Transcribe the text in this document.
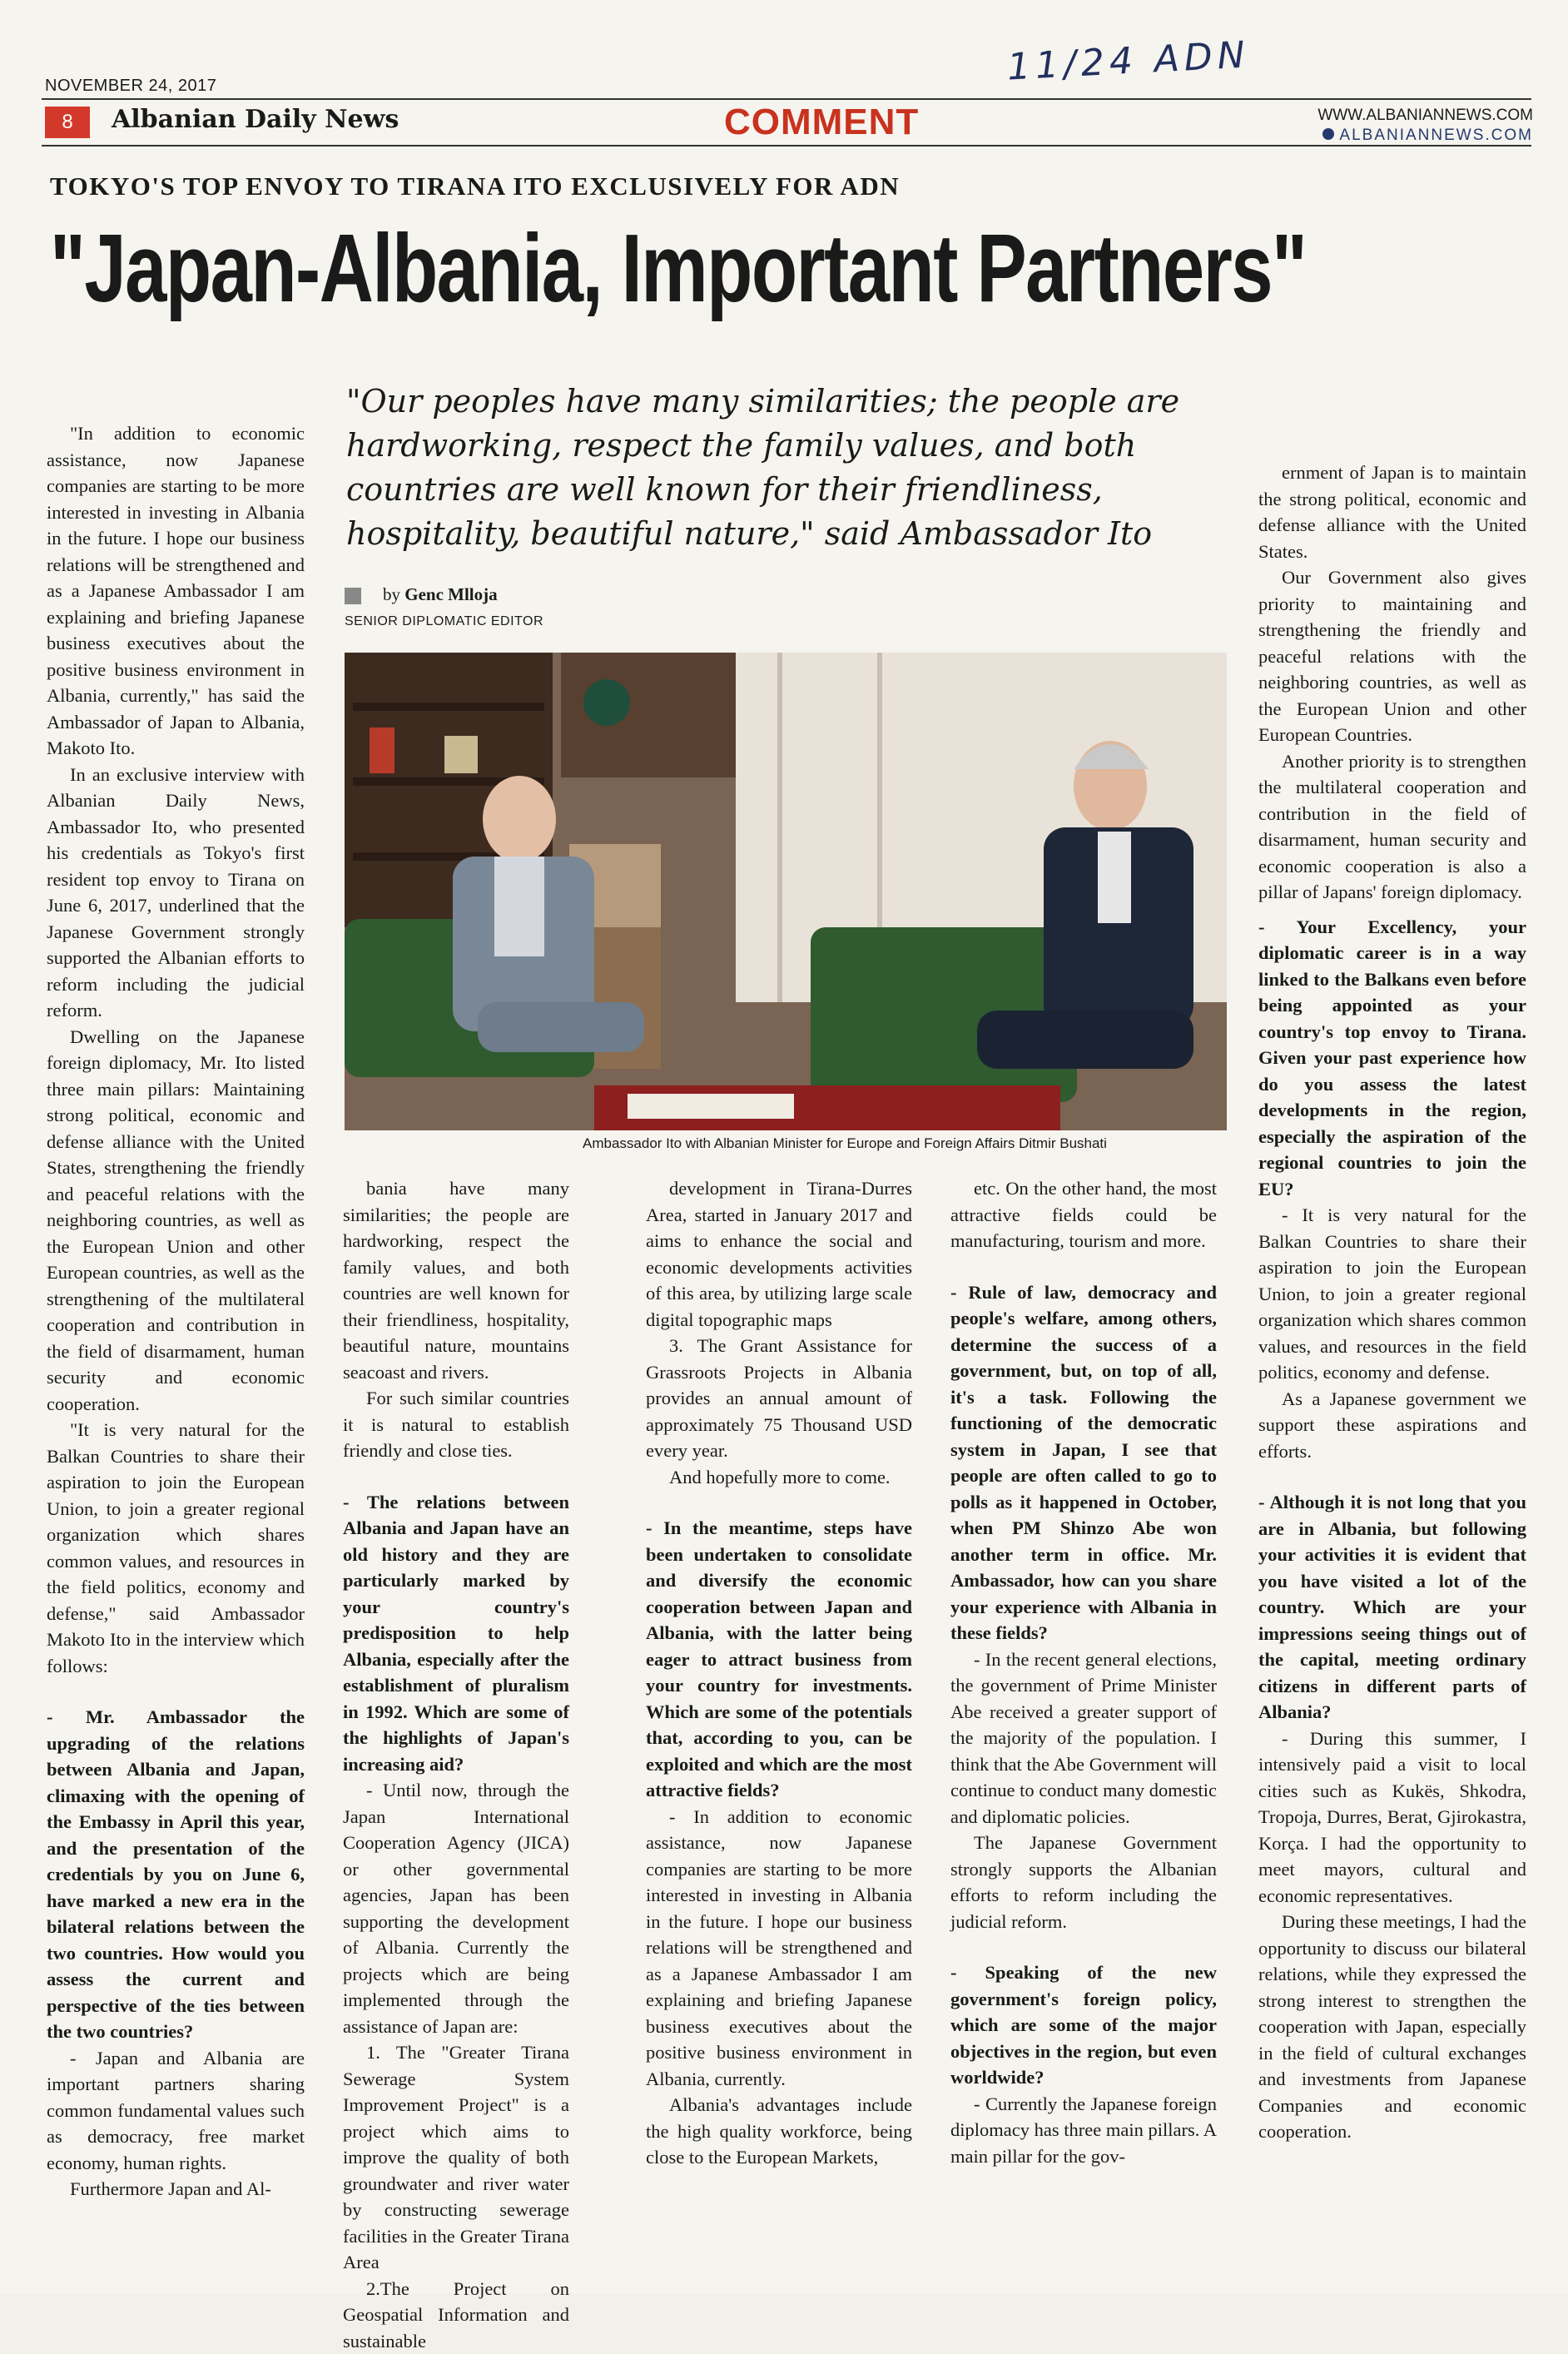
NOVEMBER 24, 2017	11/24 ADN
8	Albanian Daily News	COMMENT	WWW.ALBANIANNEWS.COM
ALBANIANNEWS.COM
TOKYO'S TOP ENVOY TO TIRANA ITO EXCLUSIVELY FOR ADN
"Japan-Albania, Important Partners"
"Our peoples have many similarities; the people are hardworking, respect the family values, and both countries are well known for their friendliness, hospitality, beautiful nature," said Ambassador Ito
by Genc Mlloja
SENIOR DIPLOMATIC EDITOR
Ambassador Ito with Albanian Minister for Europe and Foreign Affairs Ditmir Bushati

"In addition to economic assistance, now Japanese companies are starting to be more interested in investing in Albania in the future. I hope our business relations will be strengthened and as a Japanese Ambassador I am explaining and briefing Japanese business executives about the positive business environment in Albania, currently," has said the Ambassador of Japan to Albania, Makoto Ito.

In an exclusive interview with Albanian Daily News, Ambassador Ito, who presented his credentials as Tokyo's first resident top envoy to Tirana on June 6, 2017, underlined that the Japanese Government strongly supported the Albanian efforts to reform including the judicial reform.

Dwelling on the Japanese foreign diplomacy, Mr. Ito listed three main pillars: Maintaining strong political, economic and defense alliance with the United States, strengthening the friendly and peaceful relations with the neighboring countries, as well as the European Union and other European countries, as well as the strengthening of the multilateral cooperation and contribution in the field of disarmament, human security and economic cooperation.

"It is very natural for the Balkan Countries to share their aspiration to join the European Union, to join a greater regional organization which shares common values, and resources in the field politics, economy and defense," said Ambassador Makoto Ito in the interview which follows:

- Mr. Ambassador the upgrading of the relations between Albania and Japan, climaxing with the opening of the Embassy in April this year, and the presentation of the credentials by you on June 6, have marked a new era in the bilateral relations between the two countries. How would you assess the current and perspective of the ties between the two countries?

- Japan and Albania are important partners sharing common fundamental values such as democracy, free market economy, human rights.

Furthermore Japan and Al-

bania have many similarities; the people are hardworking, respect the family values, and both countries are well known for their friendliness, hospitality, beautiful nature, mountains seacoast and rivers.

For such similar countries it is natural to establish friendly and close ties.

- The relations between Albania and Japan have an old history and they are particularly marked by your country's predisposition to help Albania, especially after the establishment of pluralism in 1992. Which are some of the highlights of Japan's increasing aid?

- Until now, through the Japan International Cooperation Agency (JICA) or other governmental agencies, Japan has been supporting the development of Albania. Currently the projects which are being implemented through the assistance of Japan are:

1. The "Greater Tirana Sewerage System Improvement Project" is a project which aims to improve the quality of both groundwater and river water by constructing sewerage facilities in the Greater Tirana Area

2.The Project on Geospatial Information and sustainable

development in Tirana-Durres Area, started in January 2017 and aims to enhance the social and economic developments activities of this area, by utilizing large scale digital topographic maps

3. The Grant Assistance for Grassroots Projects in Albania provides an annual amount of approximately 75 Thousand USD every year.

And hopefully more to come.

- In the meantime, steps have been undertaken to consolidate and diversify the economic cooperation between Japan and Albania, with the latter being eager to attract business from your country for investments. Which are some of the potentials that, according to you, can be exploited and which are the most attractive fields?

- In addition to economic assistance, now Japanese companies are starting to be more interested in investing in Albania in the future. I hope our business relations will be strengthened and as a Japanese Ambassador I am explaining and briefing Japanese business executives about the positive business environment in Albania, currently.

Albania's advantages include the high quality workforce, being close to the European Markets,

etc. On the other hand, the most attractive fields could be manufacturing, tourism and more.

- Rule of law, democracy and people's welfare, among others, determine the success of a government, but, on top of all, it's a task. Following the functioning of the democratic system in Japan, I see that people are often called to go to polls as it happened in October, when PM Shinzo Abe won another term in office. Mr. Ambassador, how can you share your experience with Albania in these fields?

- In the recent general elections, the government of Prime Minister Abe received a greater support of the majority of the population. I think that the Abe Government will continue to conduct many domestic and diplomatic policies.

The Japanese Government strongly supports the Albanian efforts to reform including the judicial reform.

- Speaking of the new government's foreign policy, which are some of the major objectives in the region, but even worldwide?

- Currently the Japanese foreign diplomacy has three main pillars. A main pillar for the gov-

ernment of Japan is to maintain the strong political, economic and defense alliance with the United States.

Our Government also gives priority to maintaining and strengthening the friendly and peaceful relations with the neighboring countries, as well as the European Union and other European Countries.

Another priority is to strengthen the multilateral cooperation and contribution in the field of disarmament, human security and economic cooperation is also a pillar of Japans' foreign diplomacy.

- Your Excellency, your diplomatic career is in a way linked to the Balkans even before being appointed as your country's top envoy to Tirana. Given your past experience how do you assess the latest developments in the region, especially the aspiration of the regional countries to join the EU?

- It is very natural for the Balkan Countries to share their aspiration to join the European Union, to join a greater regional organization which shares common values, and resources in the field politics, economy and defense.

As a Japanese government we support these aspirations and efforts.

- Although it is not long that you are in Albania, but following your activities it is evident that you have visited a lot of the country. Which are your impressions seeing things out of the capital, meeting ordinary citizens in different parts of Albania?

- During this summer, I intensively paid a visit to local cities such as Kukës, Shkodra, Tropoja, Durres, Berat, Gjirokastra, Korça. I had the opportunity to meet mayors, cultural and economic representatives.

During these meetings, I had the opportunity to discuss our bilateral relations, while they expressed the strong interest to strengthen the cooperation with Japan, especially in the field of cultural exchanges and investments from Japanese Companies and economic cooperation.
